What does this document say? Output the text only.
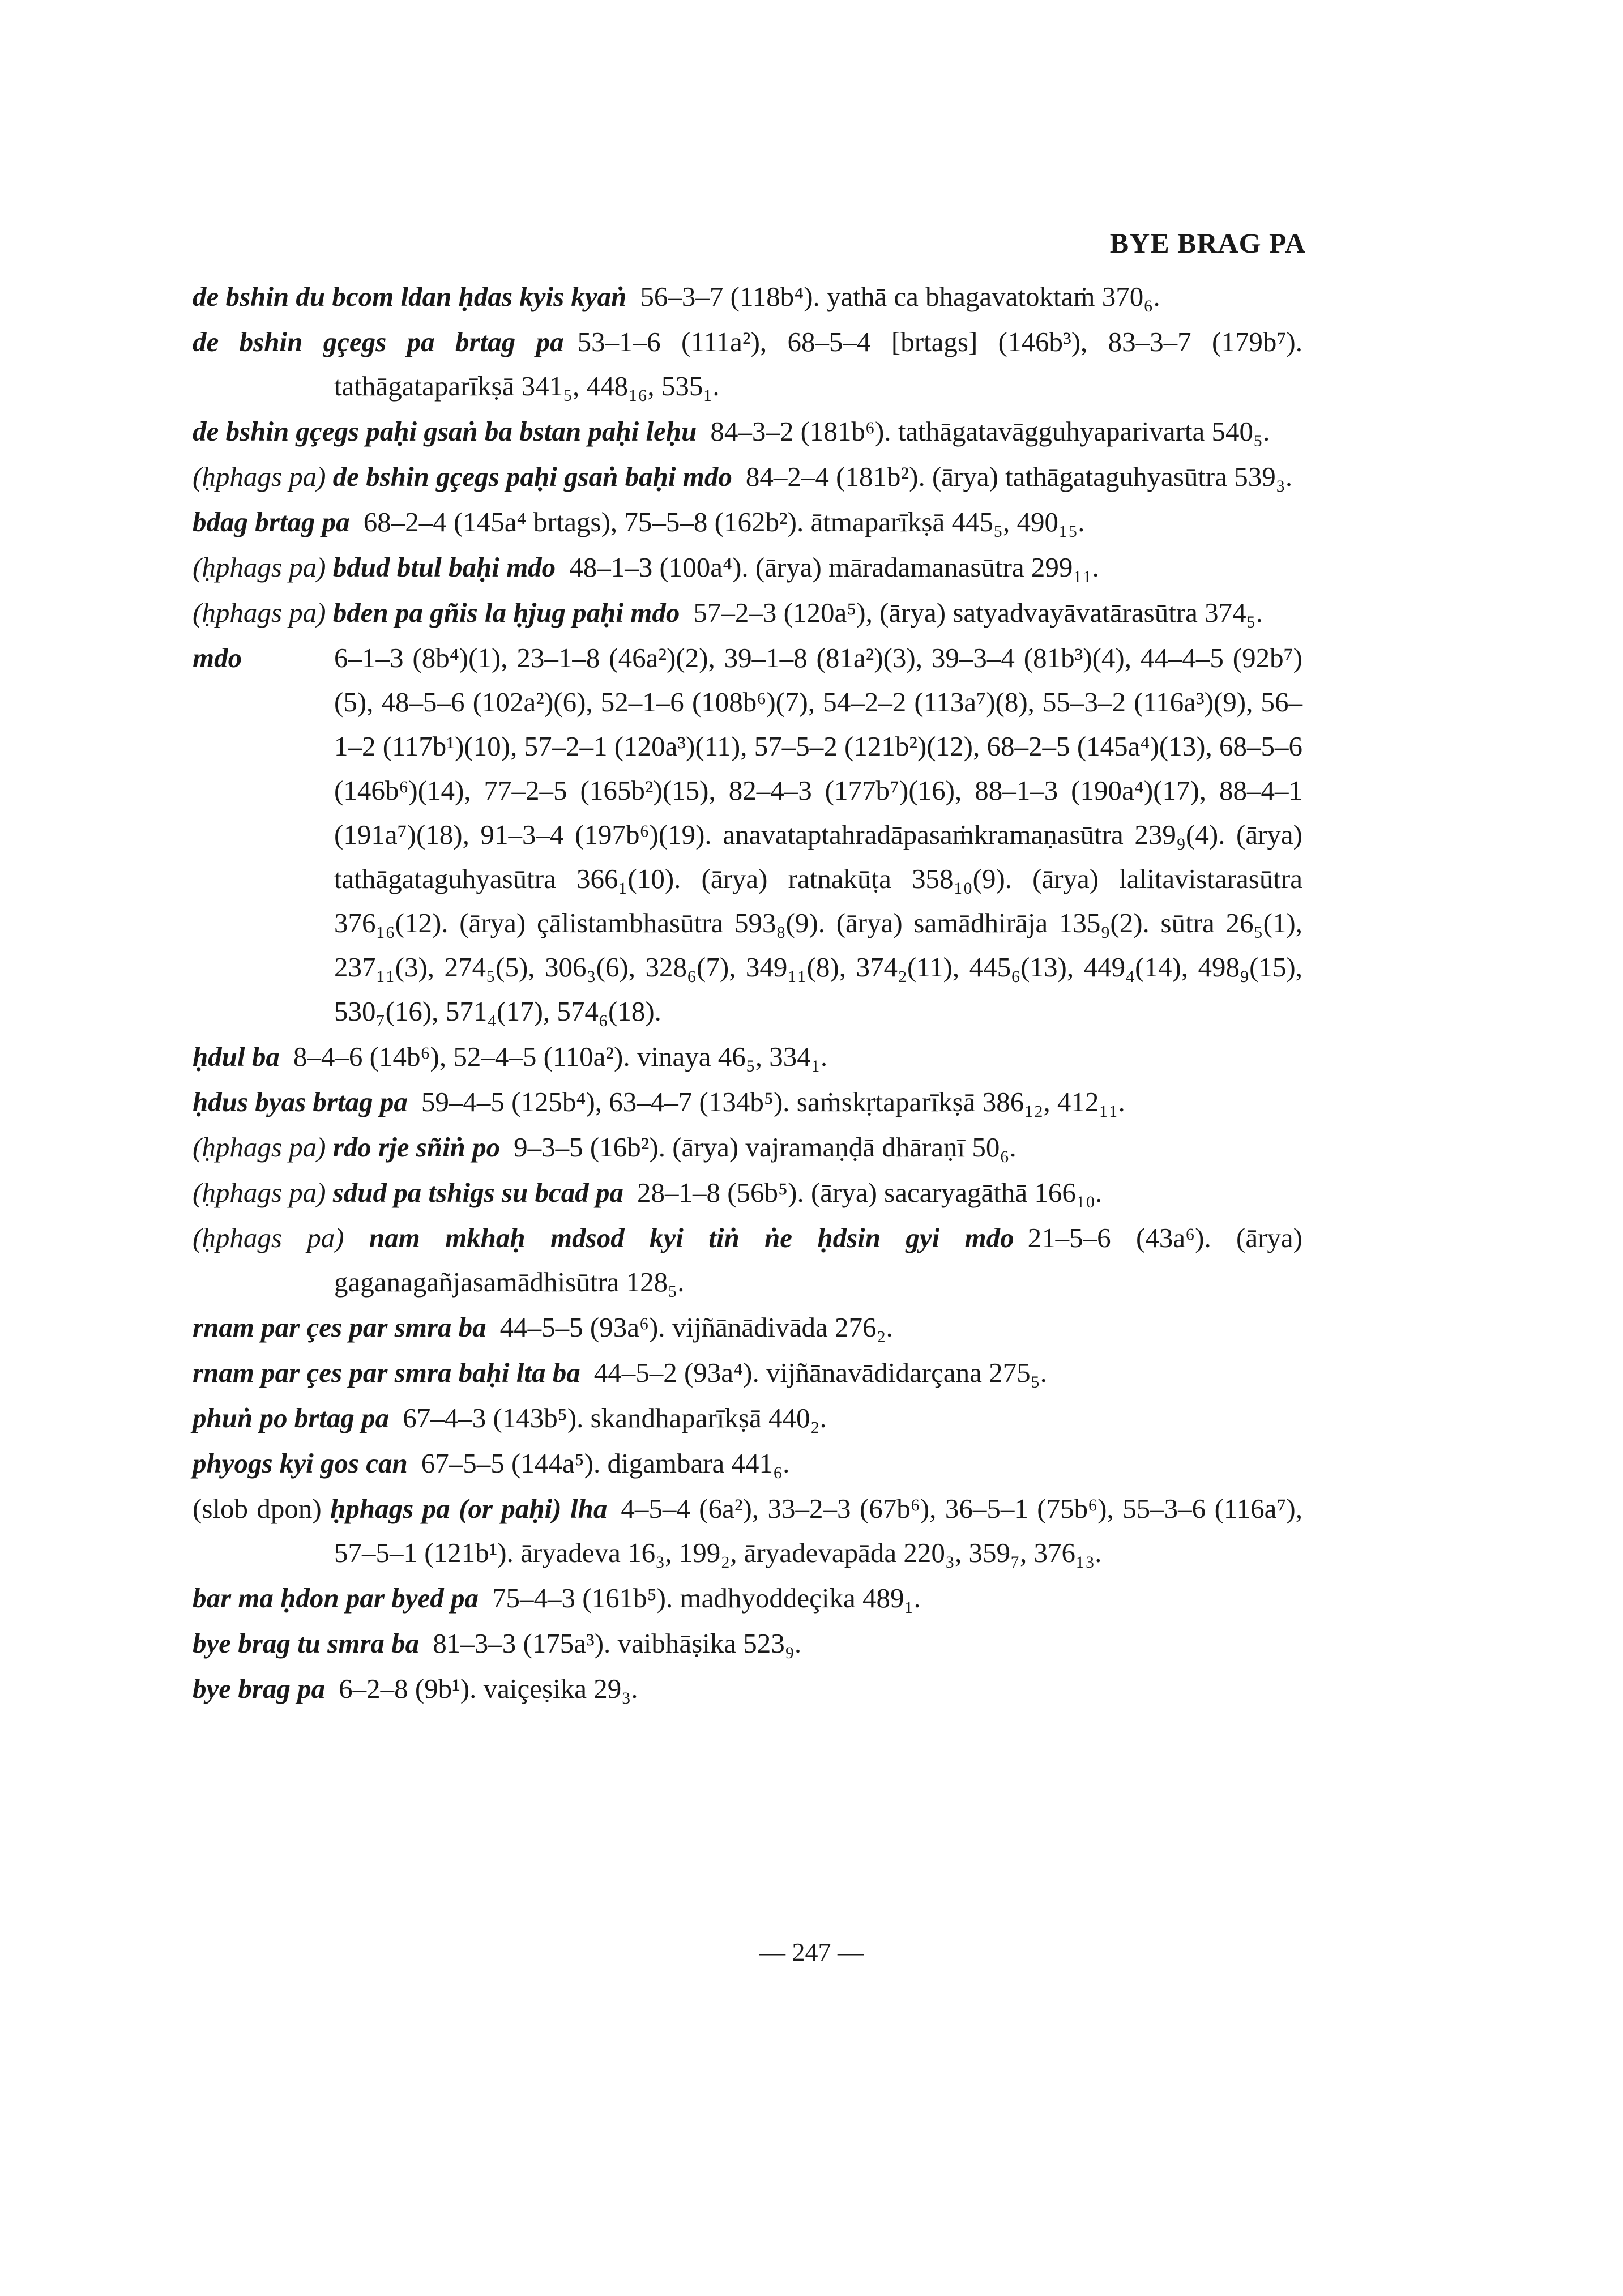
BYE BRAG PA

de bshin du bcom ldan ḥdas kyis kyaṅ 56–3–7 (118b⁴). yathā ca bhagavatoktaṁ 370₆.

de bshin gçegs pa brtag pa 53–1–6 (111a²), 68–5–4 [brtags] (146b³), 83–3–7 (179b⁷). tathāgataparīkṣā 341₅, 448₁₆, 535₁.

de bshin gçegs paḥi gsaṅ ba bstan paḥi leḥu 84–3–2 (181b⁶). tathāgatavāgguhyaparivarta 540₅.

(ḥphags pa) de bshin gçegs paḥi gsaṅ baḥi mdo 84–2–4 (181b²). (ārya) tathāgataguhyasūtra 539₃.

bdag brtag pa 68–2–4 (145a⁴ brtags), 75–5–8 (162b²). ātmaparīkṣā 445₅, 490₁₅.

(ḥphags pa) bdud btul baḥi mdo 48–1–3 (100a⁴). (ārya) māradamanasūtra 299₁₁.

(ḥphags pa) bden pa gñis la ḥjug paḥi mdo 57–2–3 (120a⁵), (ārya) satyadvayāvatārasūtra 374₅.

mdo	6–1–3 (8b⁴)(1), 23–1–8 (46a²)(2), 39–1–8 (81a²)(3), 39–3–4 (81b³)(4), 44–4–5 (92b⁷)(5), 48–5–6 (102a²)(6), 52–1–6 (108b⁶)(7), 54–2–2 (113a⁷)(8), 55–3–2 (116a³)(9), 56–1–2 (117b¹)(10), 57–2–1 (120a³)(11), 57–5–2 (121b²)(12), 68–2–5 (145a⁴)(13), 68–5–6 (146b⁶)(14), 77–2–5 (165b²)(15), 82–4–3 (177b⁷)(16), 88–1–3 (190a⁴)(17), 88–4–1 (191a⁷)(18), 91–3–4 (197b⁶)(19). anavataptahradāpasaṁkramaṇasūtra 239₉(4). (ārya) tathāgataguhyasūtra 366₁(10). (ārya) ratnakūṭa 358₁₀(9). (ārya) lalitavistarasūtra 376₁₆(12). (ārya) çālistambhasūtra 593₈(9). (ārya) samādhirāja 135₉(2). sūtra 26₅(1), 237₁₁(3), 274₅(5), 306₃(6), 328₆(7), 349₁₁(8), 374₂(11), 445₆(13), 449₄(14), 498₉(15), 530₇(16), 571₄(17), 574₆(18).

ḥdul ba 8–4–6 (14b⁶), 52–4–5 (110a²). vinaya 46₅, 334₁.

ḥdus byas brtag pa 59–4–5 (125b⁴), 63–4–7 (134b⁵). saṁskṛtaparīkṣā 386₁₂, 412₁₁.

(ḥphags pa) rdo rje sñiṅ po 9–3–5 (16b²). (ārya) vajramaṇḍā dhāraṇī 50₆.

(ḥphags pa) sdud pa tshigs su bcad pa 28–1–8 (56b⁵). (ārya) sacaryagāthā 166₁₀.

(ḥphags pa) nam mkhaḥ mdsod kyi tiṅ ṅe ḥdsin gyi mdo 21–5–6 (43a⁶). (ārya) gaganagañjasamādhisūtra 128₅.

rnam par çes par smra ba 44–5–5 (93a⁶). vijñānādivāda 276₂.

rnam par çes par smra baḥi lta ba 44–5–2 (93a⁴). vijñānavādidarçana 275₅.

phuṅ po brtag pa 67–4–3 (143b⁵). skandhaparīkṣā 440₂.

phyogs kyi gos can 67–5–5 (144a⁵). digambara 441₆.

(slob dpon) ḥphags pa (or paḥi) lha 4–5–4 (6a²), 33–2–3 (67b⁶), 36–5–1 (75b⁶), 55–3–6 (116a⁷), 57–5–1 (121b¹). āryadeva 16₃, 199₂, āryadevapāda 220₃, 359₇, 376₁₃.

bar ma ḥdon par byed pa 75–4–3 (161b⁵). madhyoddeçika 489₁.

bye brag tu smra ba 81–3–3 (175a³). vaibhāṣika 523₉.

bye brag pa 6–2–8 (9b¹). vaiçeṣika 29₃.

— 247 —
